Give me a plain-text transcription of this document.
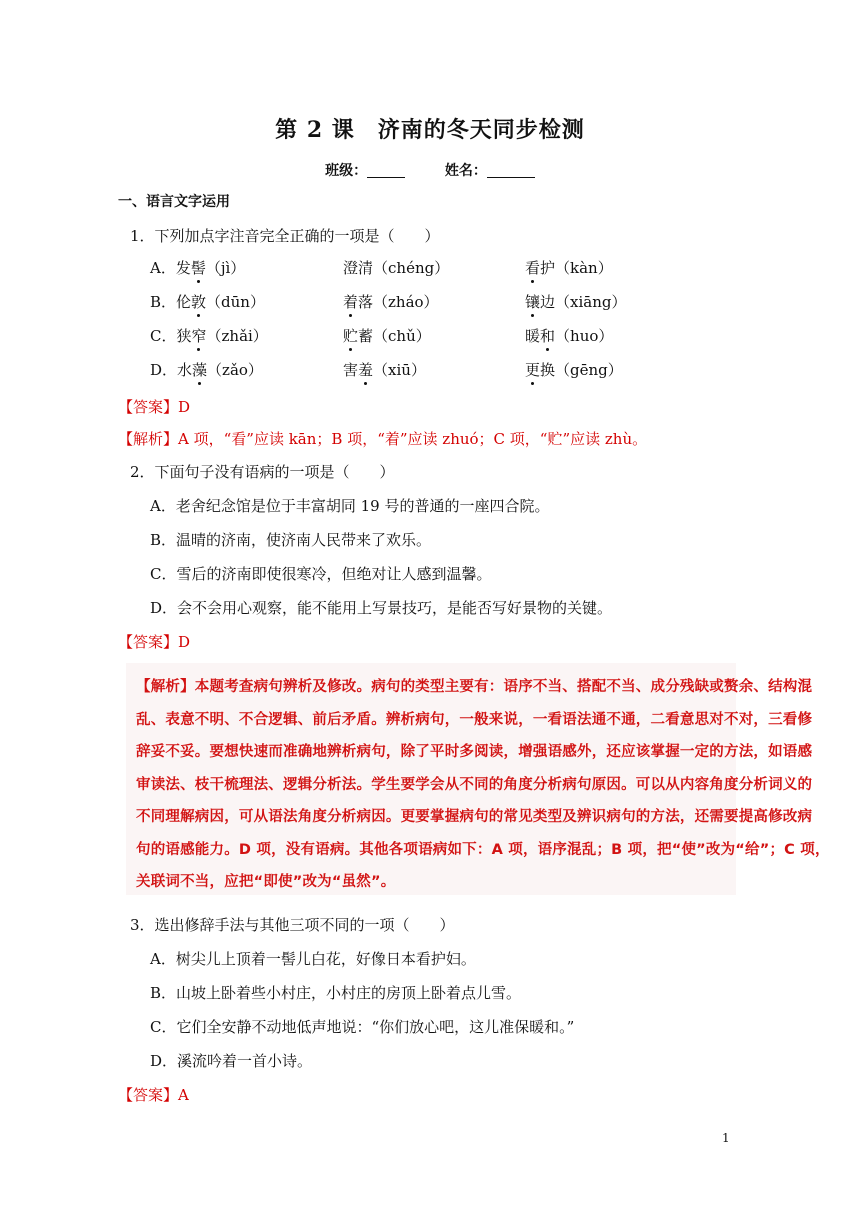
第 2 课　济南的冬天同步检测
班级：	姓名：
一、语言文字运用
1．下列加点字注音完全正确的一项是（　　）
A．发髻（jì）	澄清（chéng）	看护（kàn）
B．伦敦（dūn）	着落（zháo）	镶边（xiāng）
C．狭窄（zhǎi）	贮蓄（chǔ）	暖和（huo）
D．水藻（zǎo）	害羞（xiū）	更换（gēng）
【答案】D
【解析】A 项，“看”应读 kān；B 项，“着”应读 zhuó；C 项，“贮”应读 zhù。
2．下面句子没有语病的一项是（　　）
A．老舍纪念馆是位于丰富胡同 19 号的普通的一座四合院。
B．温晴的济南，使济南人民带来了欢乐。
C．雪后的济南即使很寒冷，但绝对让人感到温馨。
D．会不会用心观察，能不能用上写景技巧，是能否写好景物的关键。
【答案】D
【解析】本题考查病句辨析及修改。病句的类型主要有：语序不当、搭配不当、成分残缺或赘余、结构混
乱、表意不明、不合逻辑、前后矛盾。辨析病句，一般来说，一看语法通不通，二看意思对不对，三看修
辞妥不妥。要想快速而准确地辨析病句，除了平时多阅读，增强语感外，还应该掌握一定的方法，如语感
审读法、枝干梳理法、逻辑分析法。学生要学会从不同的角度分析病句原因。可以从内容角度分析词义的
不同理解病因，可从语法角度分析病因。更要掌握病句的常见类型及辨识病句的方法，还需要提高修改病
句的语感能力。D 项，没有语病。其他各项语病如下：A 项，语序混乱；B 项，把“使”改为“给”；C 项，
关联词不当，应把“即使”改为“虽然”。
3．选出修辞手法与其他三项不同的一项（　　）
A．树尖儿上顶着一髻儿白花，好像日本看护妇。
B．山坡上卧着些小村庄，小村庄的房顶上卧着点儿雪。
C．它们全安静不动地低声地说：“你们放心吧，这儿准保暖和。”
D．溪流吟着一首小诗。
【答案】A
1
